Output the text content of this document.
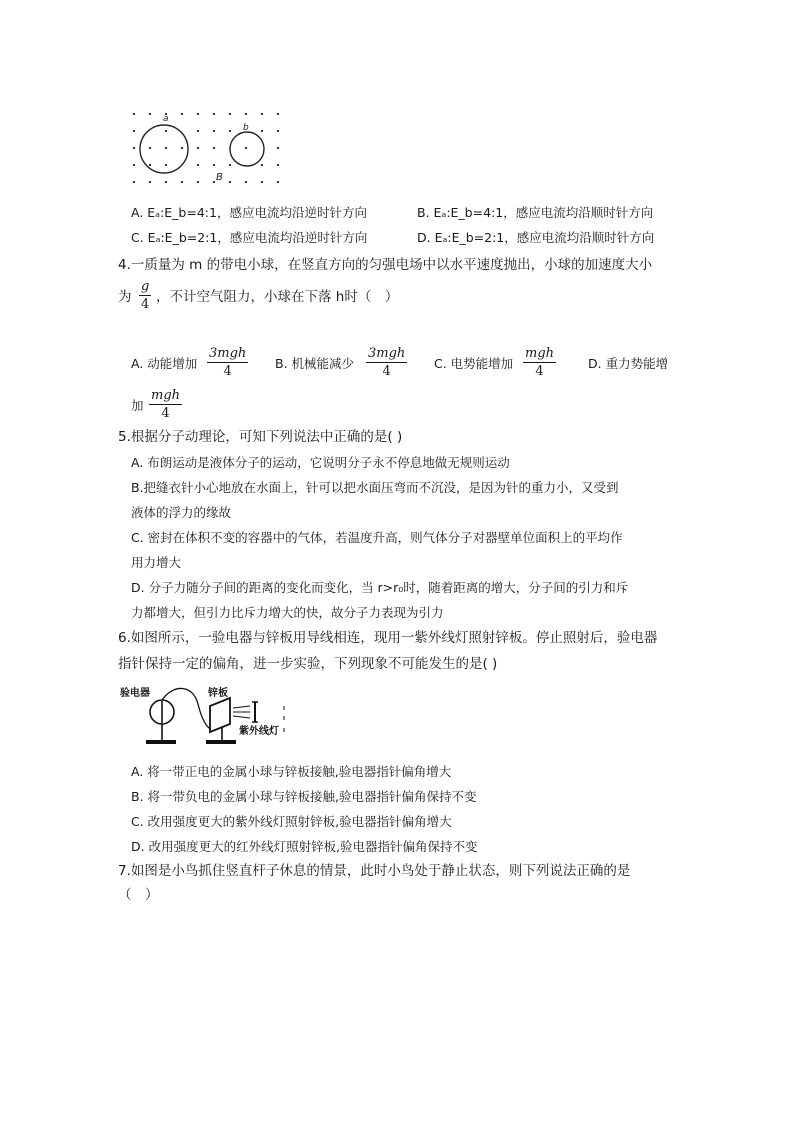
a
b
B
A. Eₐ:E_b=4:1，感应电流均沿逆时针方向	B. Eₐ:E_b=4:1，感应电流均沿顺时针方向
C. Eₐ:E_b=2:1，感应电流均沿逆时针方向	D. Eₐ:E_b=2:1，感应电流均沿顺时针方向
4.一质量为 m 的带电小球，在竖直方向的匀强电场中以水平速度抛出，小球的加速度大小
为 $\frac{g}{4}$ ，不计空气阻力，小球在下落 h时（　）
A. 动能增加
3mgh
4
B. 机械能减少
3mgh
4
C. 电势能增加
mgh
4
D. 重力势能增
加
mgh
4
5.根据分子动理论，可知下列说法中正确的是( )
A. 布朗运动是液体分子的运动，它说明分子永不停息地做无规则运动
B.把缝衣针小心地放在水面上，针可以把水面压弯而不沉没，是因为针的重力小，又受到
液体的浮力的缘故
C. 密封在体积不变的容器中的气体，若温度升高，则气体分子对器壁单位面积上的平均作
用力增大
D. 分子力随分子间的距离的变化而变化，当 r>r₀时，随着距离的增大，分子间的引力和斥
力都增大，但引力比斥力增大的快，故分子力表现为引力
6.如图所示，一验电器与锌板用导线相连，现用一紫外线灯照射锌板。停止照射后，验电器
指针保持一定的偏角，进一步实验，下列现象不可能发生的是( )
验电器	锌板
紫外线灯
A. 将一带正电的金属小球与锌板接触,验电器指针偏角增大
B. 将一带负电的金属小球与锌板接触,验电器指针偏角保持不变
C. 改用强度更大的紫外线灯照射锌板,验电器指针偏角增大
D. 改用强度更大的红外线灯照射锌板,验电器指针偏角保持不变
7.如图是小鸟抓住竖直杆子休息的情景，此时小鸟处于静止状态，则下列说法正确的是
（　）
